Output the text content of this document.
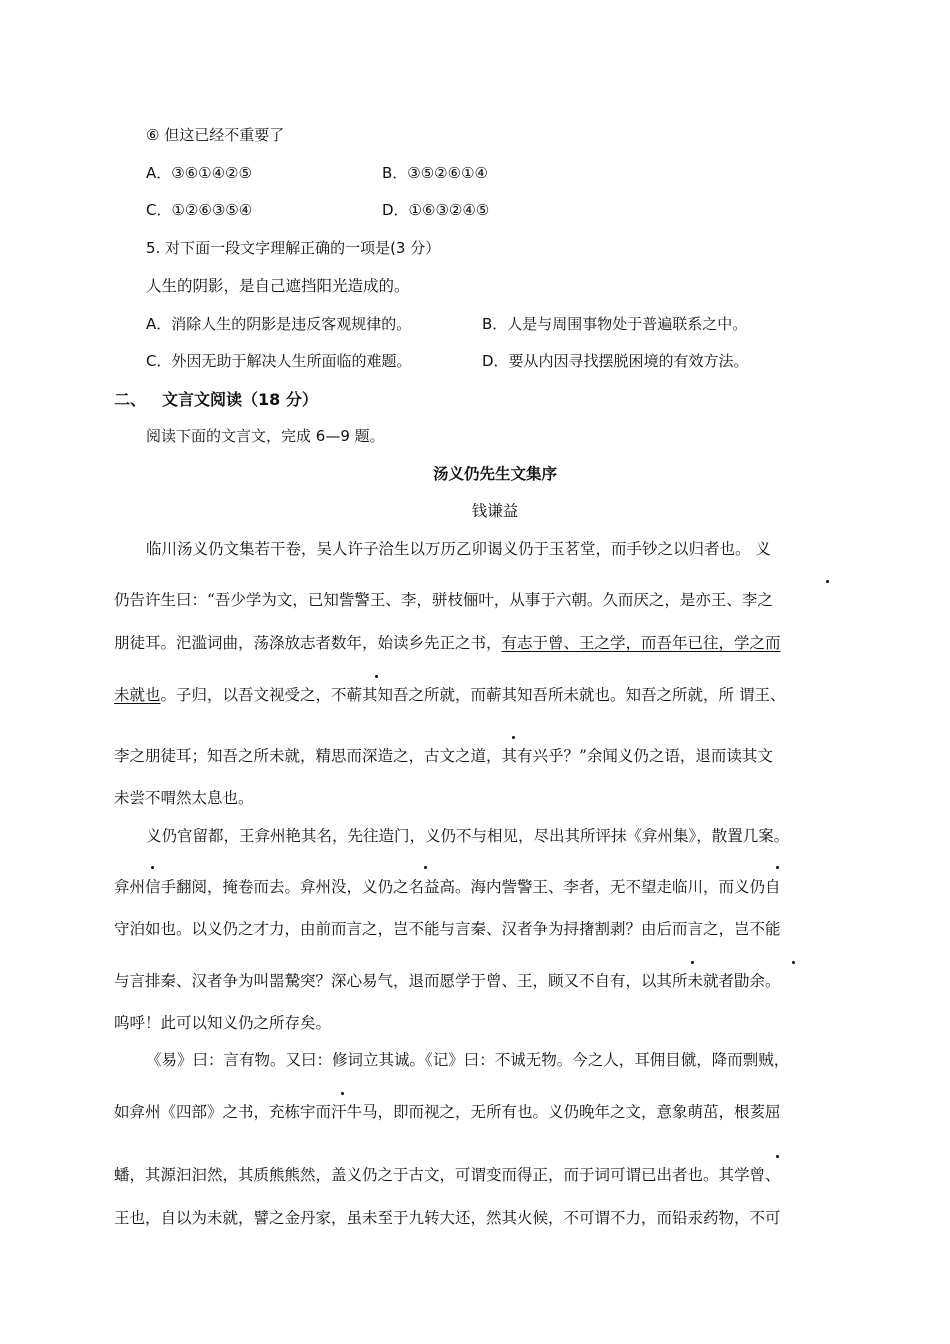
⑥ 但这已经不重要了
A．③⑥①④②⑤	B．③⑤②⑥①④
C．①②⑥③⑤④	D．①⑥③②④⑤
5. 对下面一段文字理解正确的一项是(3 分）
人生的阴影，是自己遮挡阳光造成的。
A．消除人生的阴影是违反客观规律的。	B．人是与周围事物处于普遍联系之中。
C．外因无助于解决人生所面临的难题。	D．要从内因寻找摆脱困境的有效方法。
二、 文言文阅读（18 分）
阅读下面的文言文，完成 6—9 题。
汤义仍先生文集序
钱谦益
临川汤义仍文集若干卷，吴人许子洽生以万历乙卯谒义仍于玉茗堂，而手钞之以归者也。 义
仍告许生曰：“吾少学为文，已知訾警王、李，骈枝俪叶，从事于六朝。久而厌之，是亦王、李之
朋徒耳。汜滥词曲，荡涤放志者数年，始读乡先正之书，有志于曾、王之学，而吾年已往，学之而
未就也。子归，以吾文视受之，不蕲其知吾之所就，而蕲其知吾所未就也。知吾之所就，所 谓王、
李之朋徒耳；知吾之所未就，精思而深造之，古文之道，其有兴乎？”余闻义仍之语，退而读其文
未尝不喟然太息也。
义仍官留都，王弇州艳其名，先往造门，义仍不与相见，尽出其所评抹《弇州集》，散置几案。
弇州信手翻阅，掩卷而去。弇州没，义仍之名益高。海内訾警王、李者，无不望走临川，而义仍自
守泊如也。以义仍之才力，由前而言之，岂不能与言秦、汉者争为挦撦割剥？由后而言之，岂不能
与言排秦、汉者争为叫噐騺突？深心易气，退而愿学于曾、王，顾又不自有，以其所未就者勖余。
呜呼！此可以知义仍之所存矣。
《易》曰：言有物。又曰：修词立其诚。《记》曰：不诚无物。今之人，耳佣目僦，降而剽贼，
如弇州《四部》之书，充栋宇而汗牛马，即而视之，无所有也。义仍晚年之文，意象萌茁，根荄屈
蟠，其源汩汩然，其质熊熊然，盖义仍之于古文，可谓变而得正，而于词可谓已出者也。其学曾、
王也，自以为未就，譬之金丹家，虽未至于九转大还，然其火候，不可谓不力，而铅汞药物，不可
